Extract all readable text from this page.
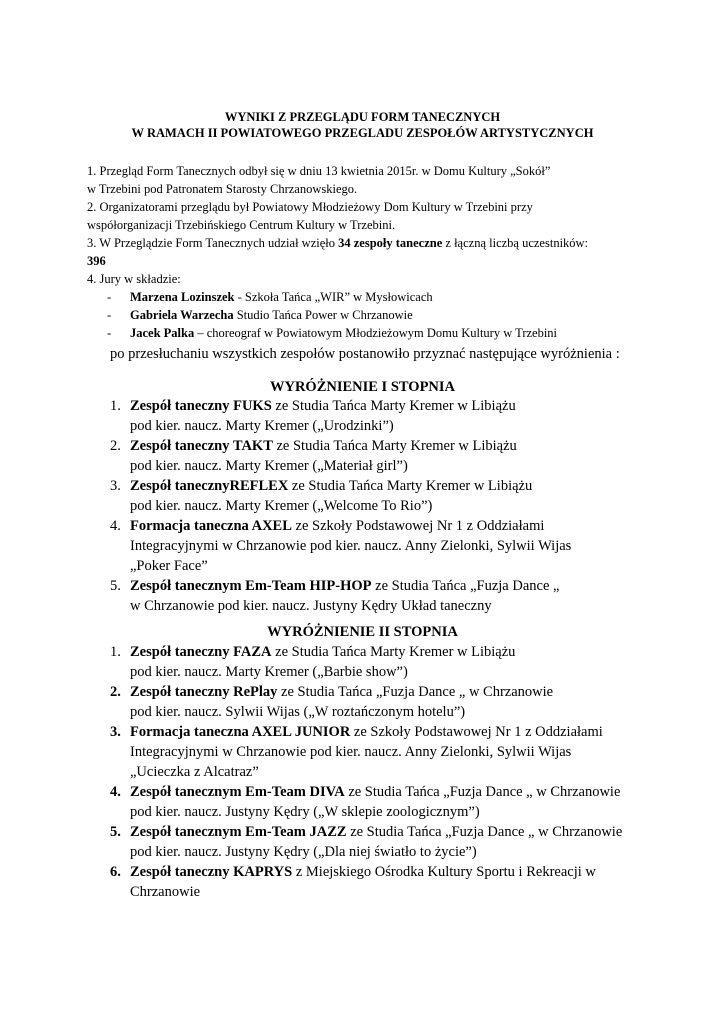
WYNIKI Z PRZEGLĄDU FORM TANECZNYCH
W RAMACH II POWIATOWEGO PRZEGLADU ZESPOŁÓW ARTYSTYCZNYCH
1. Przegląd Form Tanecznych odbył się w dniu 13 kwietnia 2015r. w Domu Kultury „Sokół”
w Trzebini pod Patronatem Starosty Chrzanowskiego.
2. Organizatorami przeglądu był Powiatowy Młodzieżowy Dom Kultury w Trzebini przy
współorganizacji Trzebińskiego Centrum Kultury w Trzebini.
3. W Przeglądzie Form Tanecznych udział wzięło 34 zespoły taneczne z łączną liczbą uczestników:
396
4. Jury w składzie:
- Marzena Lozinszek - Szkoła Tańca „WIR” w Mysłowicach
- Gabriela Warzecha Studio Tańca Power w Chrzanowie
- Jacek Palka – choreograf w Powiatowym Młodzieżowym Domu Kultury w Trzebini
po przesłuchaniu wszystkich zespołów postanowiło przyznać następujące wyróżnienia :
WYRÓŻNIENIE I STOPNIA
1. Zespół taneczny FUKS ze Studia Tańca Marty Kremer w Libiążu
pod kier. naucz. Marty Kremer („Urodzinki”)
2. Zespół taneczny TAKT ze Studia Tańca Marty Kremer w Libiążu
pod kier. naucz. Marty Kremer („Materiał girl”)
3. Zespół tanecznyREFLEX ze Studia Tańca Marty Kremer w Libiążu
pod kier. naucz. Marty Kremer („Welcome To Rio”)
4. Formacja taneczna AXEL ze Szkoły Podstawowej Nr 1 z Oddziałami
Integracyjnymi w Chrzanowie pod kier. naucz. Anny Zielonki, Sylwii Wijas
„Poker Face”
5. Zespół tanecznym Em-Team HIP-HOP ze Studia Tańca „Fuzja Dance „
w Chrzanowie pod kier. naucz. Justyny Kędry Układ taneczny
WYRÓŻNIENIE II STOPNIA
1. Zespół taneczny FAZA ze Studia Tańca Marty Kremer w Libiążu
pod kier. naucz. Marty Kremer („Barbie show”)
2. Zespół taneczny RePlay ze Studia Tańca „Fuzja Dance „ w Chrzanowie
pod kier. naucz. Sylwii Wijas („W roztańczonym hotelu”)
3. Formacja taneczna AXEL JUNIOR ze Szkoły Podstawowej Nr 1 z Oddziałami
Integracyjnymi w Chrzanowie pod kier. naucz. Anny Zielonki, Sylwii Wijas
„Ucieczka z Alcatraz”
4. Zespół tanecznym Em-Team DIVA ze Studia Tańca „Fuzja Dance „ w Chrzanowie
pod kier. naucz. Justyny Kędry („W sklepie zoologicznym”)
5. Zespół tanecznym Em-Team JAZZ ze Studia Tańca „Fuzja Dance „ w Chrzanowie
pod kier. naucz. Justyny Kędry („Dla niej światło to życie”)
6. Zespół taneczny KAPRYS z Miejskiego Ośrodka Kultury Sportu i Rekreacji w
Chrzanowie
